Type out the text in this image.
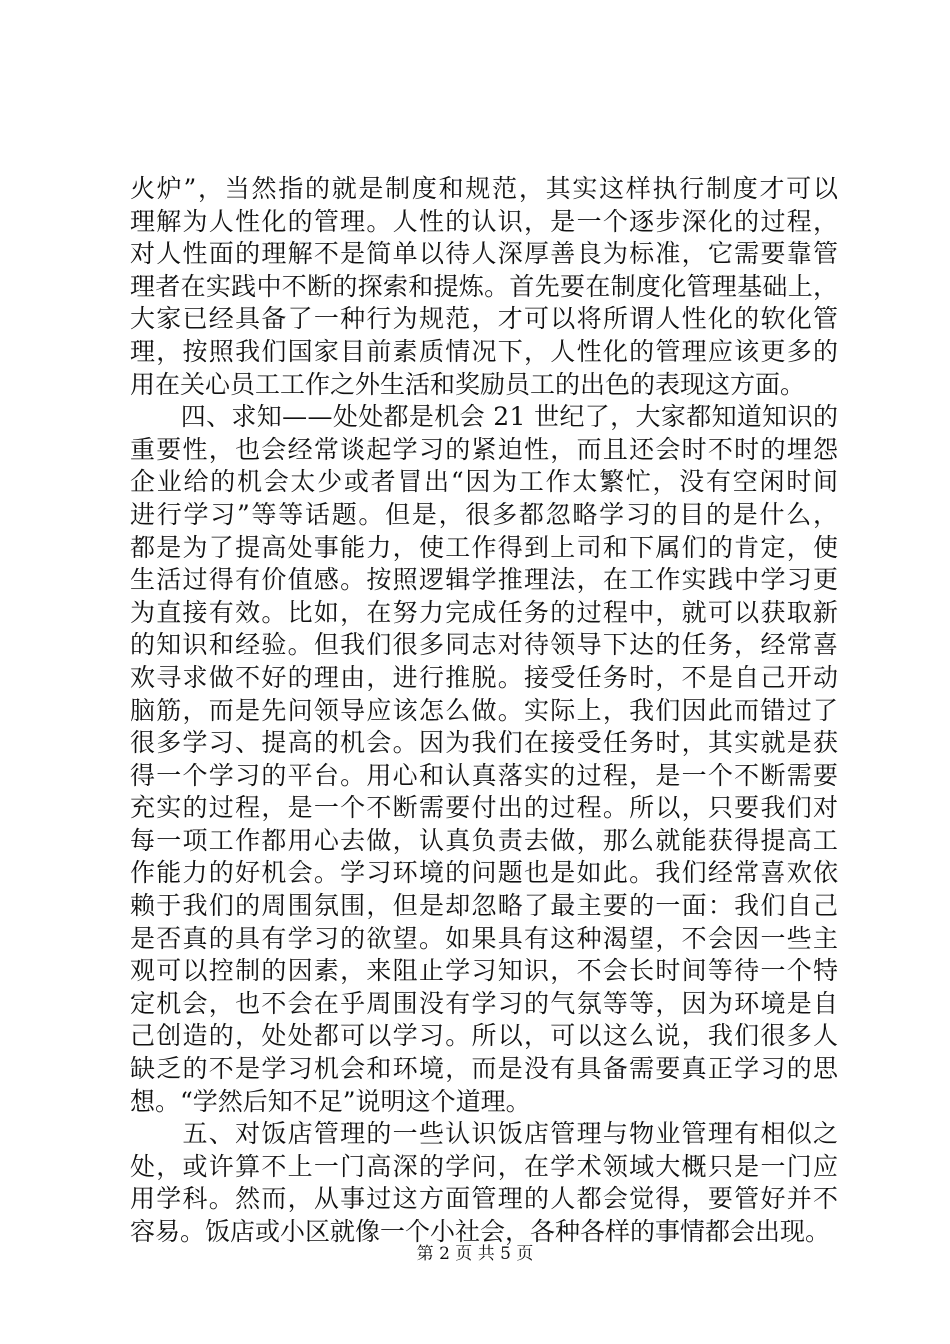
火炉”，当然指的就是制度和规范，其实这样执行制度才可以
理解为人性化的管理。人性的认识，是一个逐步深化的过程，
对人性面的理解不是简单以待人深厚善良为标准，它需要靠管
理者在实践中不断的探索和提炼。首先要在制度化管理基础上，
大家已经具备了一种行为规范，才可以将所谓人性化的软化管
理，按照我们国家目前素质情况下，人性化的管理应该更多的
用在关心员工工作之外生活和奖励员工的出色的表现这方面。
　　四、求知——处处都是机会 21 世纪了，大家都知道知识的
重要性，也会经常谈起学习的紧迫性，而且还会时不时的埋怨
企业给的机会太少或者冒出“因为工作太繁忙，没有空闲时间
进行学习”等等话题。但是，很多都忽略学习的目的是什么，
都是为了提高处事能力，使工作得到上司和下属们的肯定，使
生活过得有价值感。按照逻辑学推理法，在工作实践中学习更
为直接有效。比如，在努力完成任务的过程中，就可以获取新
的知识和经验。但我们很多同志对待领导下达的任务，经常喜
欢寻求做不好的理由，进行推脱。接受任务时，不是自己开动
脑筋，而是先问领导应该怎么做。实际上，我们因此而错过了
很多学习、提高的机会。因为我们在接受任务时，其实就是获
得一个学习的平台。用心和认真落实的过程，是一个不断需要
充实的过程，是一个不断需要付出的过程。所以，只要我们对
每一项工作都用心去做，认真负责去做，那么就能获得提高工
作能力的好机会。学习环境的问题也是如此。我们经常喜欢依
赖于我们的周围氛围，但是却忽略了最主要的一面：我们自己
是否真的具有学习的欲望。如果具有这种渴望，不会因一些主
观可以控制的因素，来阻止学习知识，不会长时间等待一个特
定机会，也不会在乎周围没有学习的气氛等等，因为环境是自
己创造的，处处都可以学习。所以，可以这么说，我们很多人
缺乏的不是学习机会和环境，而是没有具备需要真正学习的思
想。“学然后知不足”说明这个道理。
　　五、对饭店管理的一些认识饭店管理与物业管理有相似之
处，或许算不上一门高深的学问，在学术领域大概只是一门应
用学科。然而，从事过这方面管理的人都会觉得，要管好并不
容易。饭店或小区就像一个小社会，各种各样的事情都会出现。
第 2 页 共 5 页
